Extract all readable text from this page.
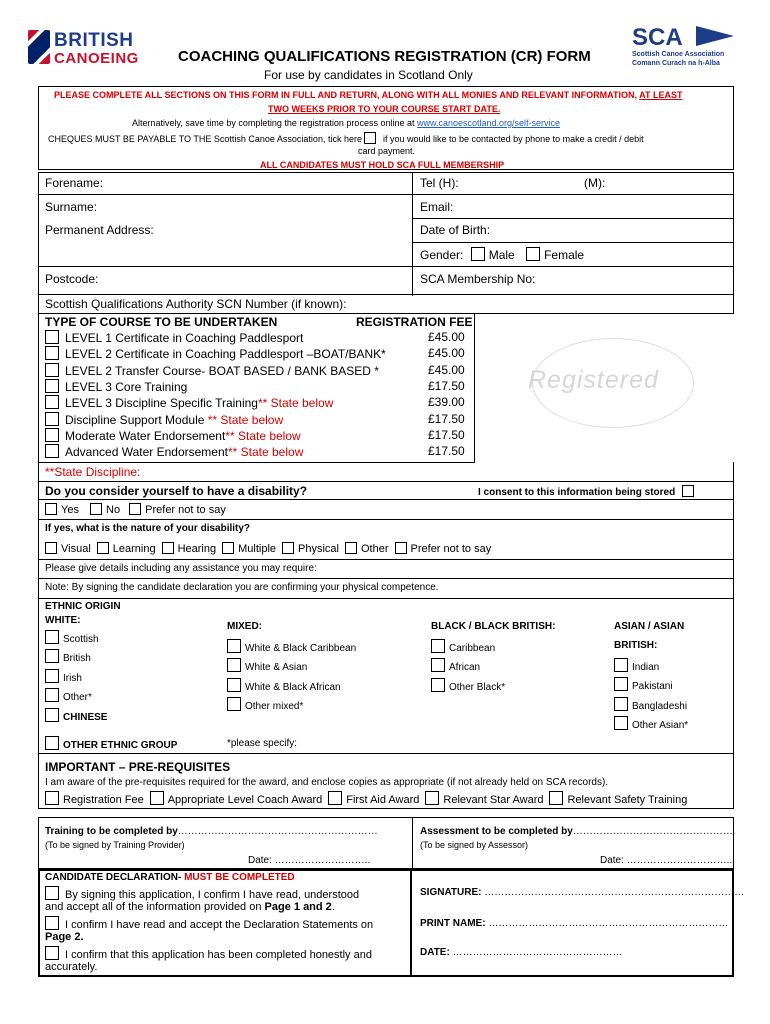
BRITISH
CANOEING
SCA
Scottish Canoe Association
Comann Curach na h-Alba
COACHING QUALIFICATIONS REGISTRATION (CR) FORM
For use by candidates in Scotland Only
PLEASE COMPLETE ALL SECTIONS ON THIS FORM IN FULL AND RETURN, ALONG WITH ALL MONIES AND RELEVANT INFORMATION, AT LEAST
TWO WEEKS PRIOR TO YOUR COURSE START DATE.
Alternatively, save time by completing the registration process online at www.canoescotland.org/self-service
CHEQUES MUST BE PAYABLE TO THE Scottish Canoe Association, tick here if you would like to be contacted by phone to make a credit / debit
card payment.
ALL CANDIDATES MUST HOLD SCA FULL MEMBERSHIP
Forename:	Tel (H):	(M):
Surname:	Email:
Permanent Address:	Date of Birth:
Gender: Male Female
Postcode:	SCA Membership No:
Scottish Qualifications Authority SCN Number (if known):
TYPE OF COURSE TO BE UNDERTAKEN	REGISTRATION FEE
LEVEL 1 Certificate in Coaching Paddlesport	£45.00
LEVEL 2 Certificate in Coaching Paddlesport –BOAT/BANK*	£45.00
LEVEL 2 Transfer Course- BOAT BASED / BANK BASED *	£45.00
LEVEL 3 Core Training	£17.50
LEVEL 3 Discipline Specific Training** State below	£39.00
Discipline Support Module ** State below	£17.50
Moderate Water Endorsement** State below	£17.50
Advanced Water Endorsement** State below	£17.50
Registered
**State Discipline:
Do you consider yourself to have a disability?	I consent to this information being stored
Yes No Prefer not to say
If yes, what is the nature of your disability?
Visual Learning Hearing Multiple Physical Other Prefer not to say
Please give details including any assistance you may require:
Note: By signing the candidate declaration you are confirming your physical competence.
ETHNIC ORIGIN
WHITE:
Scottish
British
Irish
Other*
CHINESE
OTHER ETHNIC GROUP	*please specify:
MIXED:
White & Black Caribbean
White & Asian
White & Black African
Other mixed*
BLACK / BLACK BRITISH:
Caribbean
African
Other Black*
ASIAN / ASIAN
BRITISH:
Indian
Pakistani
Bangladeshi
Other Asian*
IMPORTANT – PRE-REQUISITES
I am aware of the pre-requisites required for the award, and enclose copies as appropriate (if not already held on SCA records).
Registration Fee Appropriate Level Coach Award First Aid Award Relevant Star Award Relevant Safety Training
Training to be completed by……………………………………………………
(To be signed by Training Provider)
Date: ………………………..
Assessment to be completed by…………………………………………
(To be signed by Assessor)
Date: …………………………..
CANDIDATE DECLARATION- MUST BE COMPLETED
By signing this application, I confirm I have read, understood
and accept all of the information provided on Page 1 and 2.
I confirm I have read and accept the Declaration Statements on
Page 2.
I confirm that this application has been completed honestly and
accurately.
SIGNATURE: ……………………………………………………………………
PRINT NAME: ………………………………………………………………
DATE: ……………………………………………
